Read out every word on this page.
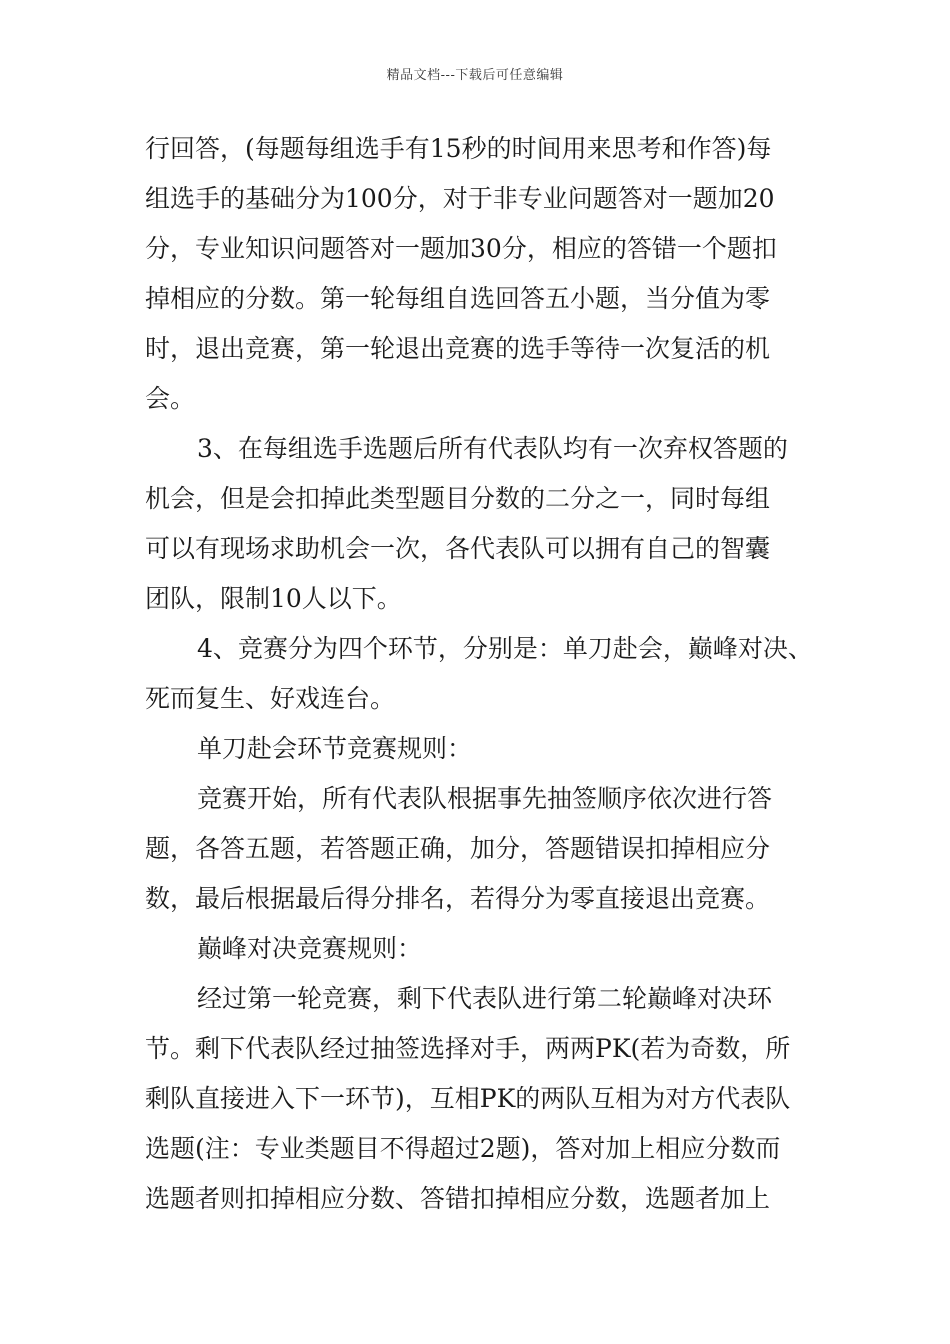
精品文档---下载后可任意编辑
行回答，(每题每组选手有15秒的时间用来思考和作答)每
组选手的基础分为100分，对于非专业问题答对一题加20
分，专业知识问题答对一题加30分，相应的答错一个题扣
掉相应的分数。第一轮每组自选回答五小题，当分值为零
时，退出竞赛，第一轮退出竞赛的选手等待一次复活的机
会。
3、在每组选手选题后所有代表队均有一次弃权答题的
机会，但是会扣掉此类型题目分数的二分之一，同时每组
可以有现场求助机会一次，各代表队可以拥有自己的智囊
团队，限制10人以下。
4、竞赛分为四个环节，分别是：单刀赴会，巅峰对决、
死而复生、好戏连台。
单刀赴会环节竞赛规则：
竞赛开始，所有代表队根据事先抽签顺序依次进行答
题，各答五题，若答题正确，加分，答题错误扣掉相应分
数，最后根据最后得分排名，若得分为零直接退出竞赛。
巅峰对决竞赛规则：
经过第一轮竞赛，剩下代表队进行第二轮巅峰对决环
节。剩下代表队经过抽签选择对手，两两PK(若为奇数，所
剩队直接进入下一环节)，互相PK的两队互相为对方代表队
选题(注：专业类题目不得超过2题)，答对加上相应分数而
选题者则扣掉相应分数、答错扣掉相应分数，选题者加上
